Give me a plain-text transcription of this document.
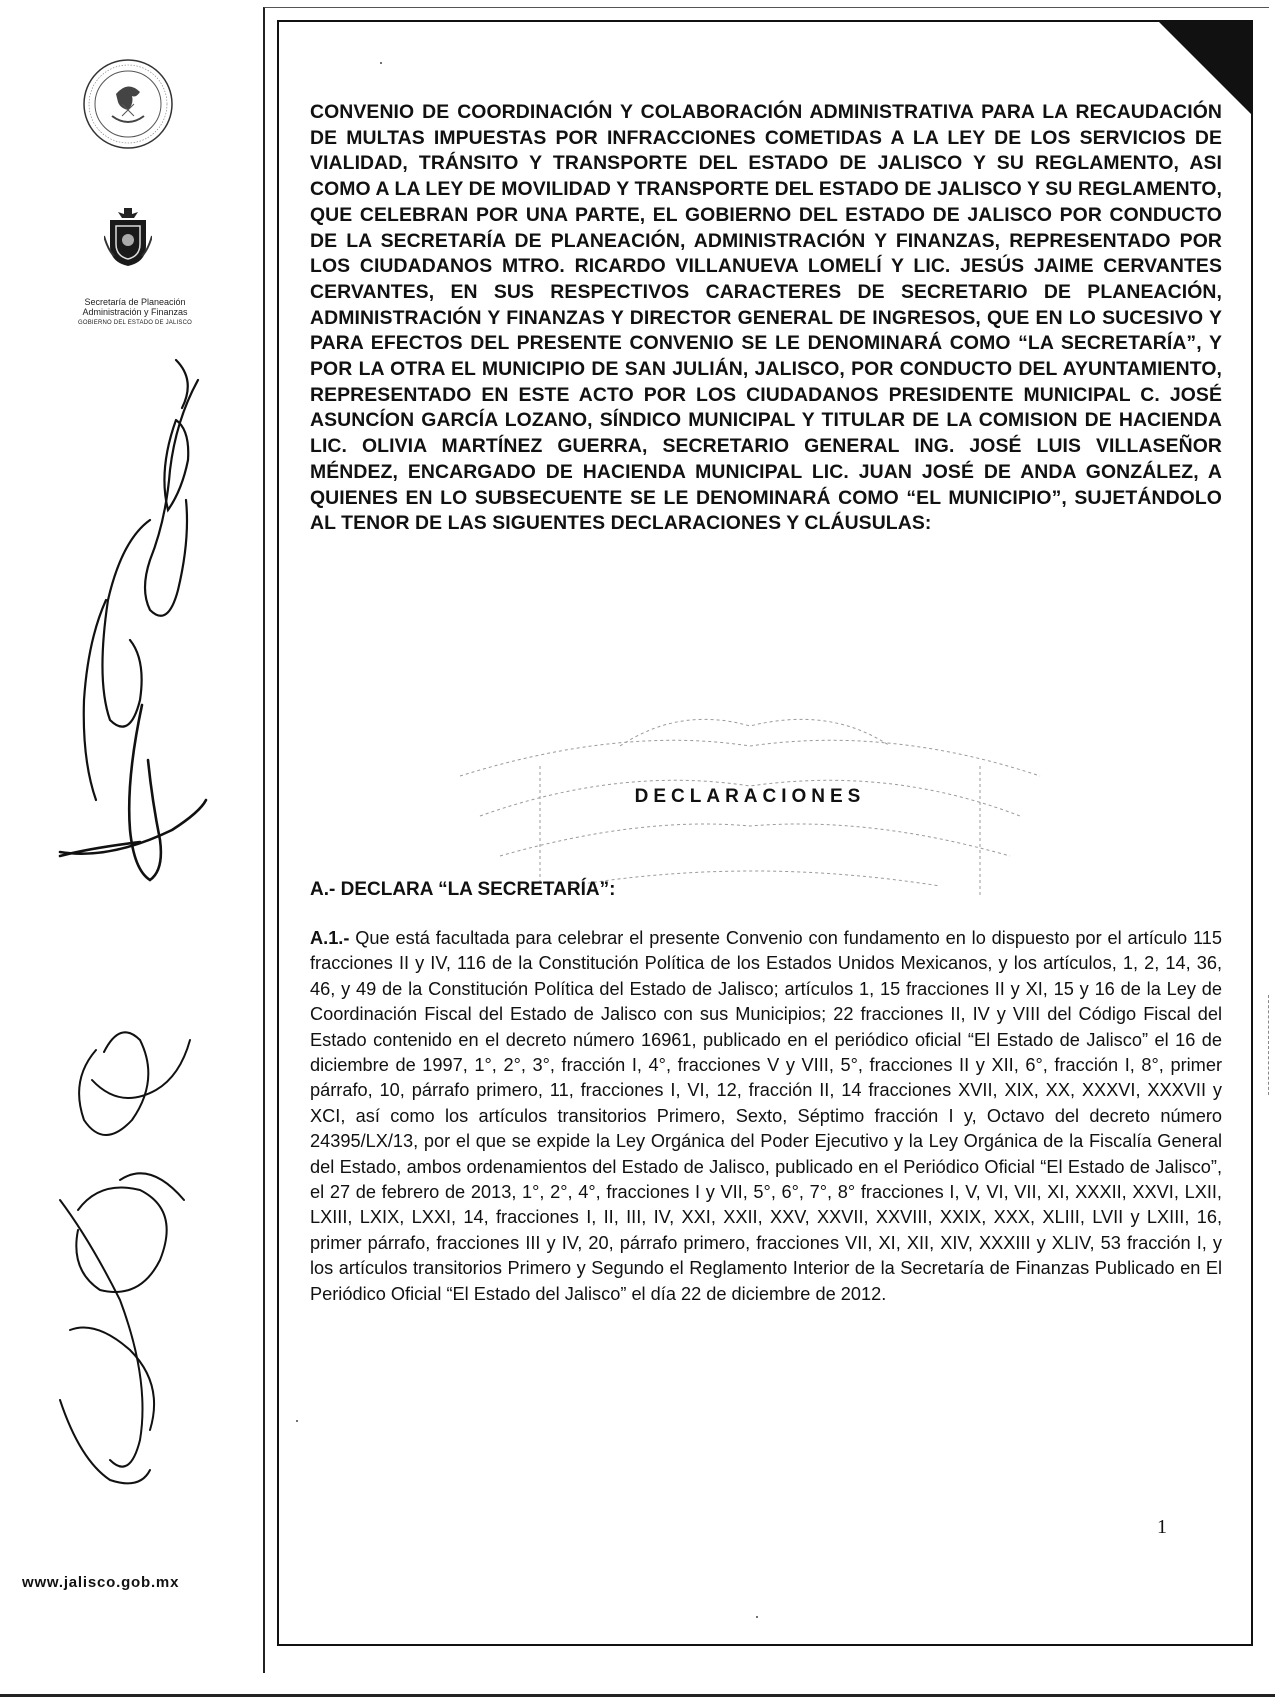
Secretaría de Planeación
Administración y Finanzas
GOBIERNO DEL ESTADO DE JALISCO
www.jalisco.gob.mx

CONVENIO DE COORDINACIÓN Y COLABORACIÓN ADMINISTRATIVA PARA LA RECAUDACIÓN DE MULTAS IMPUESTAS POR INFRACCIONES COMETIDAS A LA LEY DE LOS SERVICIOS DE VIALIDAD, TRÁNSITO Y TRANSPORTE DEL ESTADO DE JALISCO Y SU REGLAMENTO, ASI COMO A LA LEY DE MOVILIDAD Y TRANSPORTE DEL ESTADO DE JALISCO Y SU REGLAMENTO, QUE CELEBRAN POR UNA PARTE, EL GOBIERNO DEL ESTADO DE JALISCO POR CONDUCTO DE LA SECRETARÍA DE PLANEACIÓN, ADMINISTRACIÓN Y FINANZAS, REPRESENTADO POR LOS CIUDADANOS MTRO. RICARDO VILLANUEVA LOMELÍ Y LIC. JESÚS JAIME CERVANTES CERVANTES, EN SUS RESPECTIVOS CARACTERES DE SECRETARIO DE PLANEACIÓN, ADMINISTRACIÓN Y FINANZAS Y DIRECTOR GENERAL DE INGRESOS, QUE EN LO SUCESIVO Y PARA EFECTOS DEL PRESENTE CONVENIO SE LE DENOMINARÁ COMO “LA SECRETARÍA”, Y POR LA OTRA EL MUNICIPIO DE SAN JULIÁN, JALISCO, POR CONDUCTO DEL AYUNTAMIENTO, REPRESENTADO EN ESTE ACTO POR LOS CIUDADANOS PRESIDENTE MUNICIPAL C. JOSÉ ASUNCÍON GARCÍA LOZANO, SÍNDICO MUNICIPAL Y TITULAR DE LA COMISION DE HACIENDA LIC. OLIVIA MARTÍNEZ GUERRA, SECRETARIO GENERAL ING. JOSÉ LUIS VILLASEÑOR MÉNDEZ, ENCARGADO DE HACIENDA MUNICIPAL LIC. JUAN JOSÉ DE ANDA GONZÁLEZ, A QUIENES EN LO SUBSECUENTE SE LE DENOMINARÁ COMO “EL MUNICIPIO”, SUJETÁNDOLO AL TENOR DE LAS SIGUENTES DECLARACIONES Y CLÁUSULAS:

DECLARACIONES
A.- DECLARA “LA SECRETARÍA”:

A.1.- Que está facultada para celebrar el presente Convenio con fundamento en lo dispuesto por el artículo 115 fracciones II y IV, 116 de la Constitución Política de los Estados Unidos Mexicanos, y los artículos, 1, 2, 14, 36, 46, y 49 de la Constitución Política del Estado de Jalisco; artículos 1, 15 fracciones II y XI, 15 y 16 de la Ley de Coordinación Fiscal del Estado de Jalisco con sus Municipios; 22 fracciones II, IV y VIII del Código Fiscal del Estado contenido en el decreto número 16961, publicado en el periódico oficial “El Estado de Jalisco” el 16 de diciembre de 1997, 1°, 2°, 3°, fracción I, 4°, fracciones V y VIII, 5°, fracciones II y XII, 6°, fracción I, 8°, primer párrafo, 10, párrafo primero, 11, fracciones I, VI, 12, fracción II, 14 fracciones XVII, XIX, XX, XXXVI, XXXVII y XCI, así como los artículos transitorios Primero, Sexto, Séptimo fracción I y, Octavo del decreto número 24395/LX/13, por el que se expide la Ley Orgánica del Poder Ejecutivo y la Ley Orgánica de la Fiscalía General del Estado, ambos ordenamientos del Estado de Jalisco, publicado en el Periódico Oficial “El Estado de Jalisco”, el 27 de febrero de 2013, 1°, 2°, 4°, fracciones I y VII, 5°, 6°, 7°, 8° fracciones I, V, VI, VII, XI, XXXII, XXVI, LXII, LXIII, LXIX, LXXI, 14, fracciones I, II, III, IV, XXI, XXII, XXV, XXVII, XXVIII, XXIX, XXX, XLIII, LVII y LXIII, 16, primer párrafo, fracciones III y IV, 20, párrafo primero, fracciones VII, XI, XII, XIV, XXXIII y XLIV, 53 fracción I, y los artículos transitorios Primero y Segundo el Reglamento Interior de la Secretaría de Finanzas Publicado en El Periódico Oficial “El Estado del Jalisco” el día 22 de diciembre de 2012.

1
